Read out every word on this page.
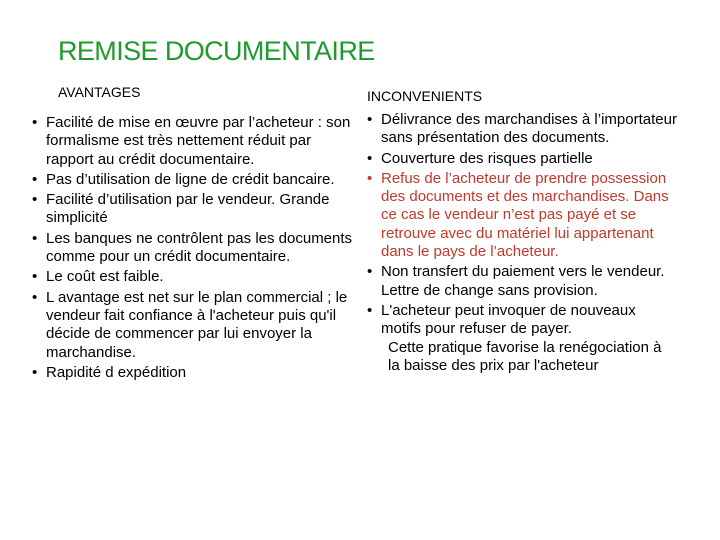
REMISE DOCUMENTAIRE
AVANTAGES
• Facilité de mise en œuvre par l’acheteur : son formalisme est très nettement réduit par rapport au crédit documentaire.
• Pas d’utilisation de ligne de crédit bancaire.
• Facilité d’utilisation par le vendeur. Grande simplicité
• Les banques ne contrôlent pas les documents comme pour un crédit documentaire.
• Le coût est faible.
• L avantage est net sur le plan commercial ; le vendeur fait confiance à l'acheteur puis qu'il décide de commencer par lui envoyer la marchandise.
• Rapidité d expédition
INCONVENIENTS
• Délivrance des marchandises à l’importateur sans présentation des documents.
• Couverture des risques partielle
• Refus de l’acheteur de prendre possession des documents et des marchandises. Dans ce cas le vendeur n’est pas payé et se retrouve avec du matériel lui appartenant dans le pays de l’acheteur.
• Non transfert du paiement vers le vendeur. Lettre de change sans provision.
• L'acheteur peut invoquer de nouveaux motifs pour refuser de payer.
Cette pratique favorise la renégociation à la baisse des prix par l'acheteur
